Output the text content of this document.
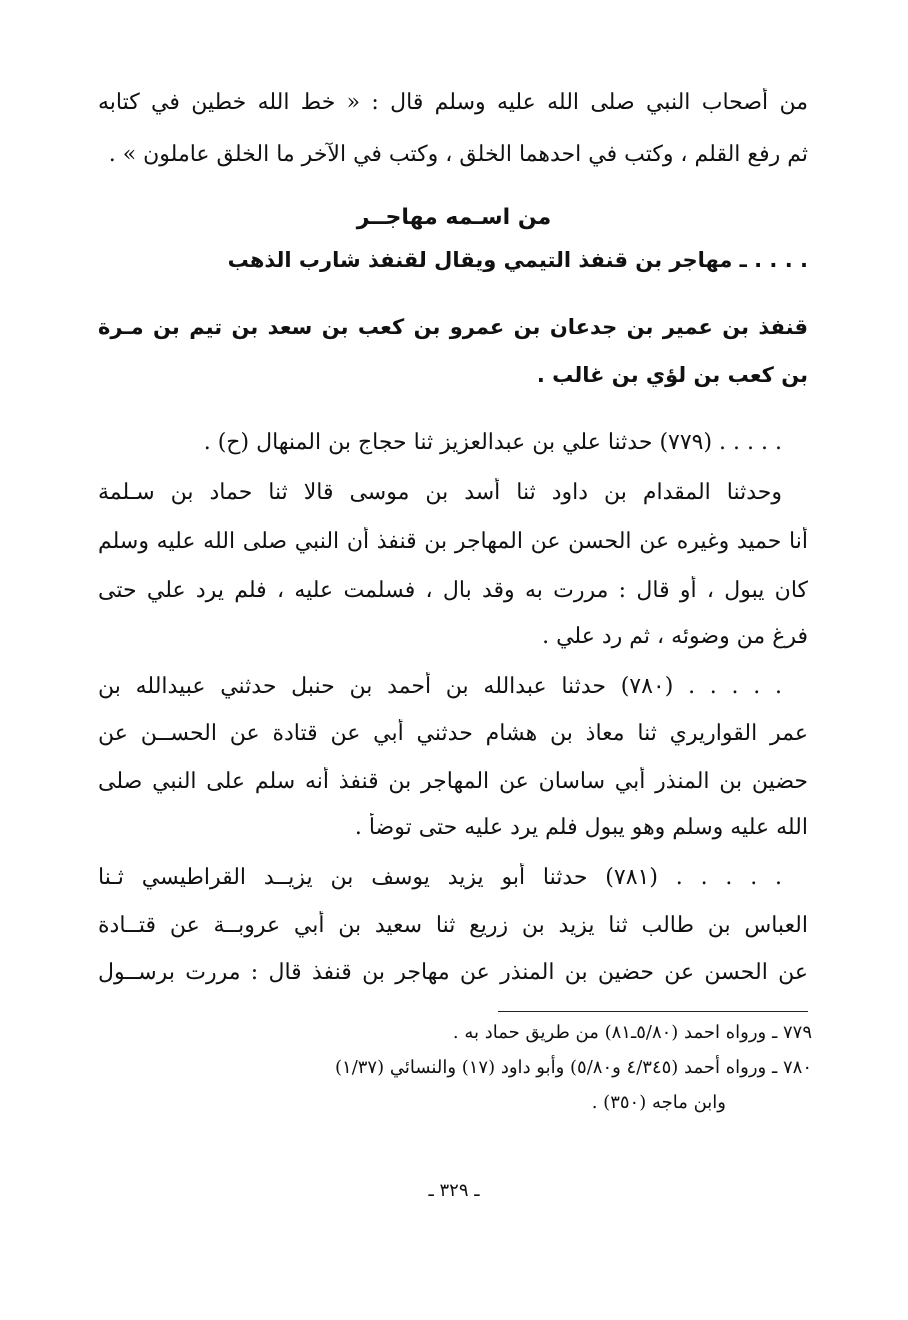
من أصحاب النبي صلى الله عليه وسلم قال : « خط الله خطين في كتابه
ثم رفع القلم ، وكتب في احدهما الخلق ، وكتب في الآخر ما الخلق عاملون » .
من اسـمه مهاجــر
. . . . ـ مهاجر بن قنفذ التيمي ويقال لقنفذ شارب الذهب
قنفذ بن عمير بن جدعان بن عمرو بن كعب بن سعد بن تيم بن مـرة
بن كعب بن لؤي بن غالب .
. . . . . (٧٧٩) حدثنا علي بن عبدالعزيز ثنا حجاج بن المنهال (ح) .
وحدثنا المقدام بن داود ثنا أسد بن موسى قالا ثنا حماد بن سـلمة
أنا حميد وغيره عن الحسن عن المهاجر بن قنفذ أن النبي صلى الله عليه وسلم
كان يبول ، أو قال : مررت به وقد بال ، فسلمت عليه ، فلم يرد علي حتى
فرغ من وضوئه ، ثم رد علي .
. . . . . (٧٨٠) حدثنا عبدالله بن أحمد بن حنبل حدثني عبيدالله بن
عمر القواريري ثنا معاذ بن هشام حدثني أبي عن قتادة عن الحســن عن
حضين بن المنذر أبي ساسان عن المهاجر بن قنفذ أنه سلم على النبي صلى
الله عليه وسلم وهو يبول فلم يرد عليه حتى توضأ .
. . . . . (٧٨١) حدثنا أبو يزيد يوسف بن يزيــد القراطيسي ثـنا
العباس بن طالب ثنا يزيد بن زريع ثنا سعيد بن أبي عروبــة عن قتــادة
عن الحسن عن حضين بن المنذر عن مهاجر بن قنفذ قال : مررت برســول
٧٧٩ ـ ورواه احمد (٥/٨٠ـ٨١) من طريق حماد به .
٧٨٠ ـ ورواه أحمد (٤/٣٤٥ و٥/٨٠) وأبو داود (١٧) والنسائي (١/٣٧)
وابن ماجه (٣٥٠) .
ـ ٣٢٩ ـ
